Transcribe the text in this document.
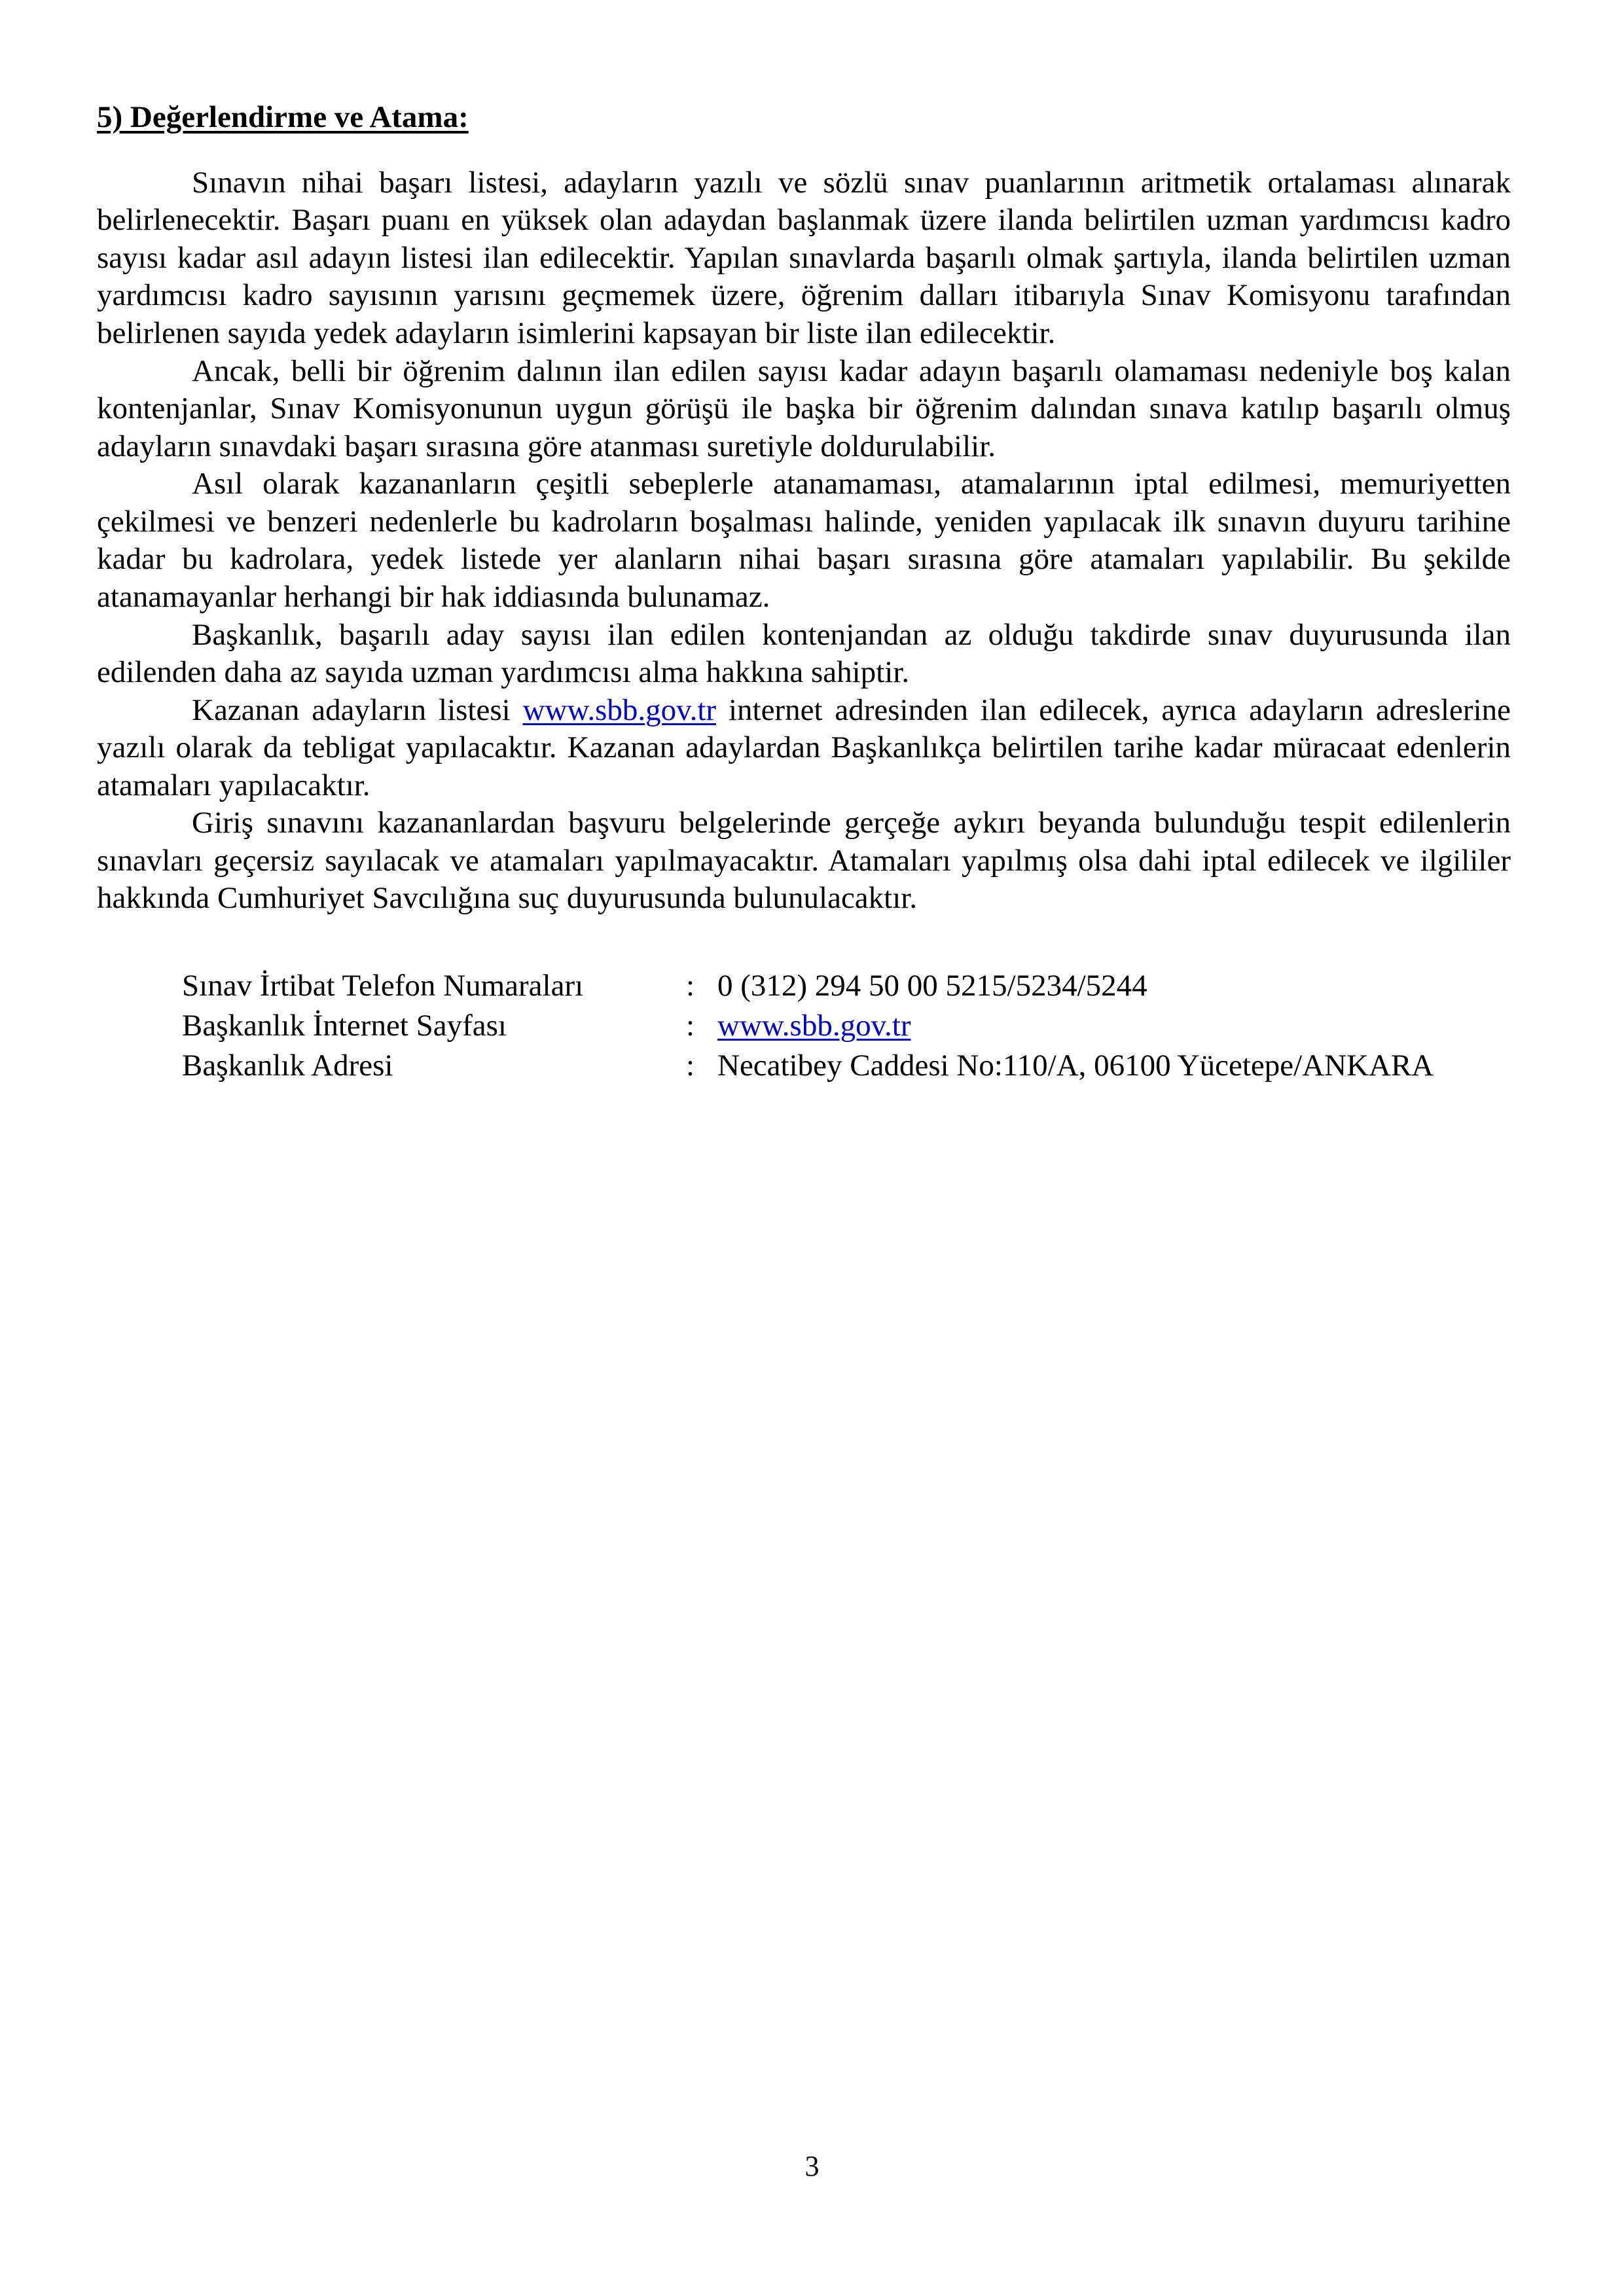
5) Değerlendirme ve Atama:

Sınavın nihai başarı listesi, adayların yazılı ve sözlü sınav puanlarının aritmetik ortalaması alınarak belirlenecektir. Başarı puanı en yüksek olan adaydan başlanmak üzere ilanda belirtilen uzman yardımcısı kadro sayısı kadar asıl adayın listesi ilan edilecektir. Yapılan sınavlarda başarılı olmak şartıyla, ilanda belirtilen uzman yardımcısı kadro sayısının yarısını geçmemek üzere, öğrenim dalları itibarıyla Sınav Komisyonu tarafından belirlenen sayıda yedek adayların isimlerini kapsayan bir liste ilan edilecektir.

Ancak, belli bir öğrenim dalının ilan edilen sayısı kadar adayın başarılı olamaması nedeniyle boş kalan kontenjanlar, Sınav Komisyonunun uygun görüşü ile başka bir öğrenim dalından sınava katılıp başarılı olmuş adayların sınavdaki başarı sırasına göre atanması suretiyle doldurulabilir.

Asıl olarak kazananların çeşitli sebeplerle atanamaması, atamalarının iptal edilmesi, memuriyetten çekilmesi ve benzeri nedenlerle bu kadroların boşalması halinde, yeniden yapılacak ilk sınavın duyuru tarihine kadar bu kadrolara, yedek listede yer alanların nihai başarı sırasına göre atamaları yapılabilir. Bu şekilde atanamayanlar herhangi bir hak iddiasında bulunamaz.

Başkanlık, başarılı aday sayısı ilan edilen kontenjandan az olduğu takdirde sınav duyurusunda ilan edilenden daha az sayıda uzman yardımcısı alma hakkına sahiptir.

Kazanan adayların listesi www.sbb.gov.tr internet adresinden ilan edilecek, ayrıca adayların adreslerine yazılı olarak da tebligat yapılacaktır. Kazanan adaylardan Başkanlıkça belirtilen tarihe kadar müracaat edenlerin atamaları yapılacaktır.

Giriş sınavını kazananlardan başvuru belgelerinde gerçeğe aykırı beyanda bulunduğu tespit edilenlerin sınavları geçersiz sayılacak ve atamaları yapılmayacaktır. Atamaları yapılmış olsa dahi iptal edilecek ve ilgililer hakkında Cumhuriyet Savcılığına suç duyurusunda bulunulacaktır.

Sınav İrtibat Telefon Numaraları	:	0 (312) 294 50 00 5215/5234/5244
Başkanlık İnternet Sayfası	:	www.sbb.gov.tr
Başkanlık Adresi	:	Necatibey Caddesi No:110/A, 06100 Yücetepe/ANKARA
3
